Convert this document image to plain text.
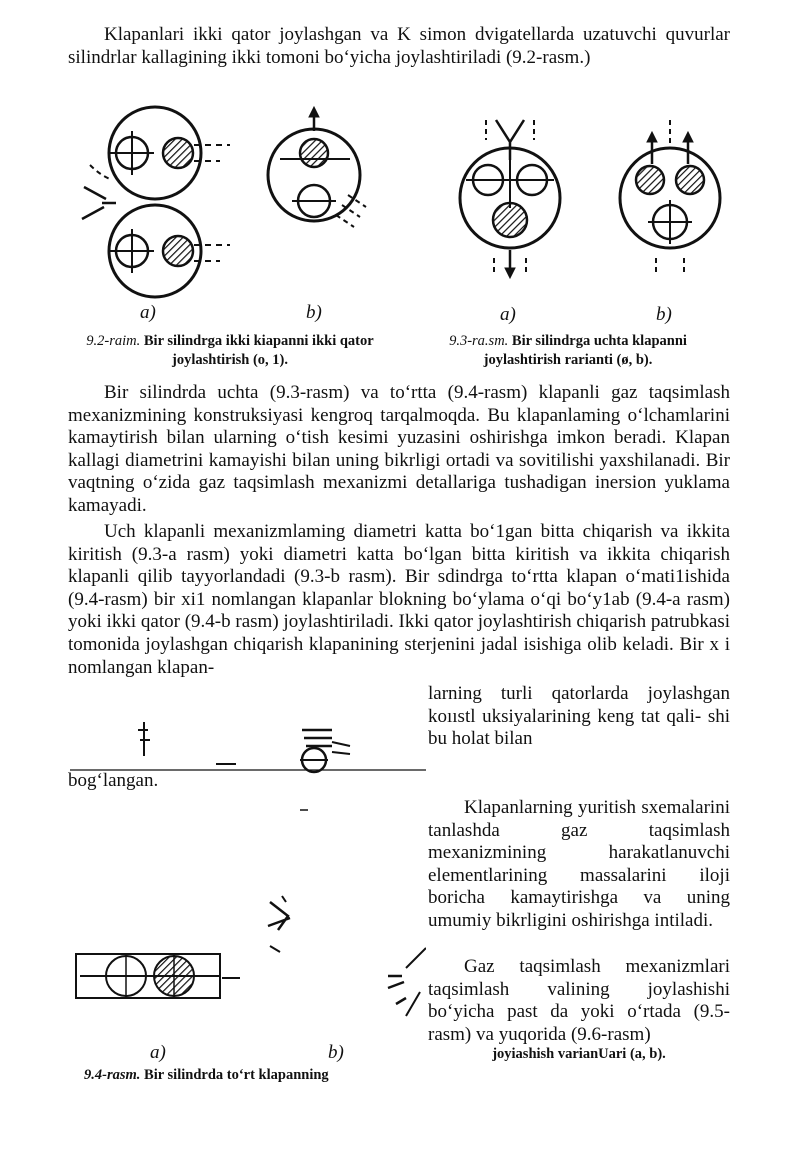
Klapanlari ikki qator joylashgan va K simon dvigatellarda uzatuvchi quvurlar silindrlar kallagining ikki tomoni bo‘yicha joylashtiriladi (9.2-rasm.)

a)	b)	a)	b)
9.2-raim. Bir silindrga ikki kiapanni ikki qator joylashtirish (o, 1).
9.3-ra.sm. Bir silindrga uchta klapanni joylashtirish rarianti (ø, b).

Bir silindrda uchta (9.3-rasm) va to‘rtta (9.4-rasm) klapanli gaz taqsimlash mexanizmining konstruksiyasi kengroq tarqalmoqda. Bu klapanlaming o‘lchamlarini kamaytirish bilan ularning o‘tish kesimi yuzasini oshirishga imkon beradi. Klapan kallagi diametrini kamayishi bilan uning bikrligi ortadi va sovitilishi yaxshilanadi. Bir vaqtning o‘zida gaz taqsimlash mexanizmi detallariga tushadigan inersion yuklama kamayadi.

Uch klapanli mexanizmlaming diametri katta bo‘1gan bitta chiqarish va ikkita kiritish (9.3-a rasm) yoki diametri katta bo‘lgan bitta kiritish va ikkita chiqarish klapanli qilib tayyorlandadi (9.3-b rasm). Bir sdindrga to‘rtta klapan o‘mati1ishida (9.4-rasm) bir xi1 nomlangan klapanlar blokning bo‘ylama o‘qi bo‘y1ab (9.4-a rasm) yoki ikki qator (9.4-b rasm) joylashtiriladi. Ikki qator joylashtirish chiqarish patrubkasi tomonida joylashgan chiqarish klapanining sterjenini jadal isishiga olib keladi. Bir x i nomlangan klapan-

larning turli qatorlarda joylashgan koııstl uksiyalarining keng tat qali- shi bu holat bilan

bog‘langan.

a)	b)

Klapanlarning yuritish sxemalarini tanlashda gaz taqsimlash mexanizmining harakatlanuvchi elementlarining massalarini iloji boricha kamaytirishga va uning umumiy bikrligini oshirishga intiladi.

Gaz taqsimlash mexanizmlari taqsimlash valining joylashishi bo‘yicha past da yoki o‘rtada (9.5-rasm) va yuqorida (9.6-rasm)

joyiashish varianUari (a, b).
9.4-rasm. Bir silindrda to‘rt klapanning
